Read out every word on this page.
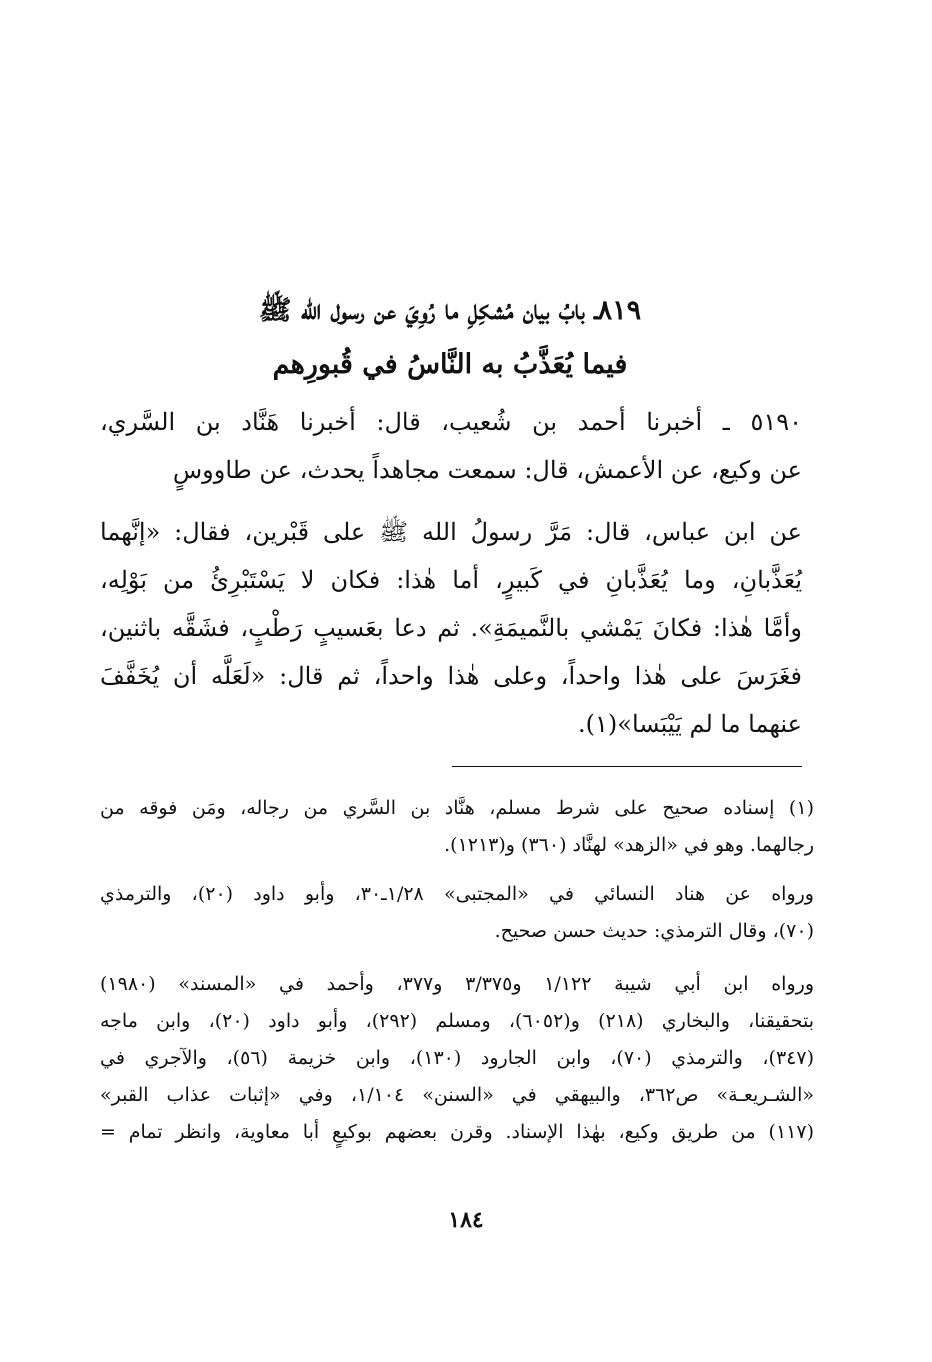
٨١٩ـ بابُ بيان مُشكِلِ ما رُوِيَ عن رسول الله ﷺ
فيما يُعَذَّبُ به النَّاسُ في قُبورِهم
٥١٩٠ ـ أخبرنا أحمد بن شُعيب، قال: أخبرنا هَنَّاد بن السَّري،
عن وكيع، عن الأعمش، قال: سمعت مجاهداً يحدث، عن طاووسٍ
عن ابن عباس، قال: مَرَّ رسولُ الله ﷺ على قَبْرين، فقال: «إنَّهما
يُعَذَّبانِ، وما يُعَذَّبانِ في كَبيرٍ، أما هٰذا: فكان لا يَسْتَبْرِئُ من بَوْلِه،
وأمَّا هٰذا: فكانَ يَمْشي بالنَّميمَةِ». ثم دعا بعَسيبٍ رَطْبٍ، فشَقَّه باثنين،
فغَرَسَ على هٰذا واحداً، وعلى هٰذا واحداً، ثم قال: «لَعَلَّه أن يُخَفَّفَ
عنهما ما لم يَيْبَسا»(١).
(١) إسناده صحيح على شرط مسلم، هنَّاد بن السَّري من رجاله، ومَن فوقه من
رجالهما. وهو في «الزهد» لهنَّاد (٣٦٠) و(١٢١٣).
ورواه عن هناد النسائي في «المجتبى» ١/٢٨ـ٣٠، وأبو داود (٢٠)، والترمذي
(٧٠)، وقال الترمذي: حديث حسن صحيح.
ورواه ابن أبي شيبة ١/١٢٢ و٣/٣٧٥ و٣٧٧، وأحمد في «المسند» (١٩٨٠)
بتحقيقنا، والبخاري (٢١٨) و(٦٠٥٢)، ومسلم (٢٩٢)، وأبو داود (٢٠)، وابن ماجه
(٣٤٧)، والترمذي (٧٠)، وابن الجارود (١٣٠)، وابن خزيمة (٥٦)، والآجري في
«الشـريعـة» ص٣٦٢، والبيهقي في «السنن» ١/١٠٤، وفي «إثبات عذاب القبر»
(١١٧) من طريق وكيع، بهٰذا الإسناد. وقرن بعضهم بوكيعٍ أبا معاوية، وانظر تمام =
١٨٤
